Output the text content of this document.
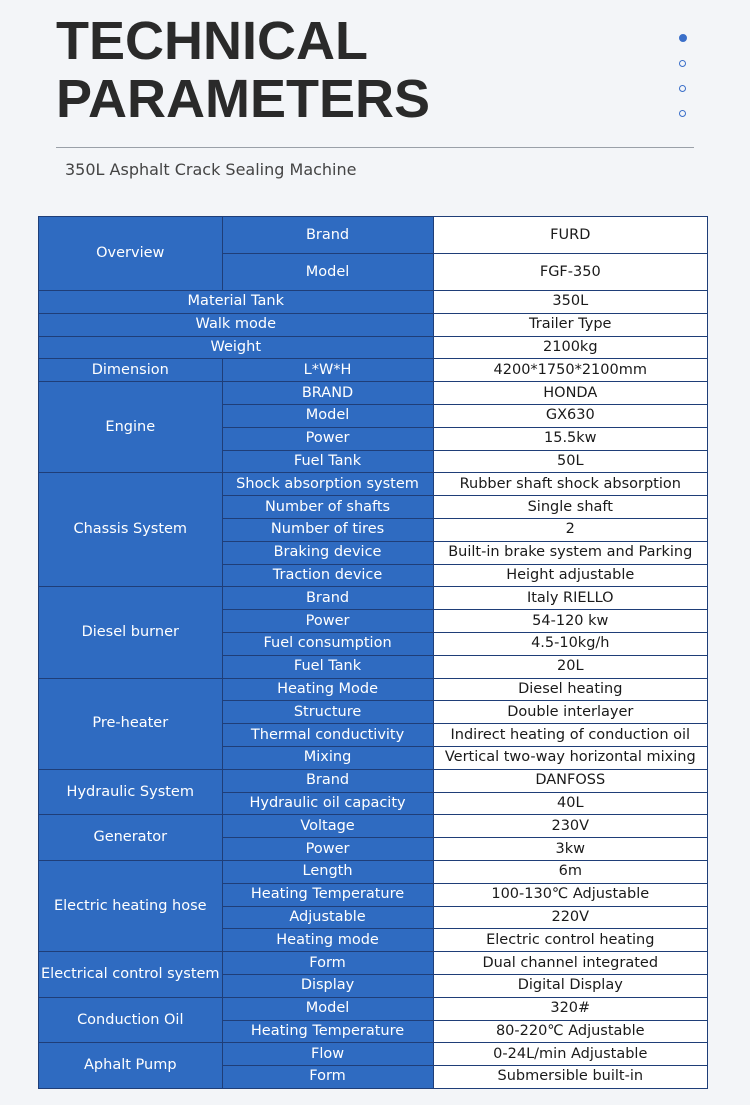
TECHNICAL
PARAMETERS
350L Asphalt Crack Sealing Machine
Overview	Brand	FURD
	Model	FGF-350
Material Tank		350L
Walk mode		Trailer Type
Weight		2100kg
Dimension	L*W*H	4200*1750*2100mm
Engine	BRAND	HONDA
	Model	GX630
	Power	15.5kw
	Fuel Tank	50L
Chassis System	Shock absorption system	Rubber shaft shock absorption
	Number of shafts	Single shaft
	Number of tires	2
	Braking device	Built-in brake system and Parking
	Traction device	Height adjustable
Diesel burner	Brand	Italy RIELLO
	Power	54-120 kw
	Fuel consumption	4.5-10kg/h
	Fuel Tank	20L
Pre-heater	Heating Mode	Diesel heating
	Structure	Double interlayer
	Thermal conductivity	Indirect heating of conduction oil
	Mixing	Vertical two-way horizontal mixing
Hydraulic System	Brand	DANFOSS
	Hydraulic oil capacity	40L
Generator	Voltage	230V
	Power	3kw
Electric heating hose	Length	6m
	Heating Temperature	100-130℃ Adjustable
	Adjustable	220V
	Heating mode	Electric control heating
Electrical control system	Form	Dual channel integrated
	Display	Digital Display
Conduction Oil	Model	320#
	Heating Temperature	80-220℃ Adjustable
Aphalt Pump	Flow	0-24L/min Adjustable
	Form	Submersible built-in
